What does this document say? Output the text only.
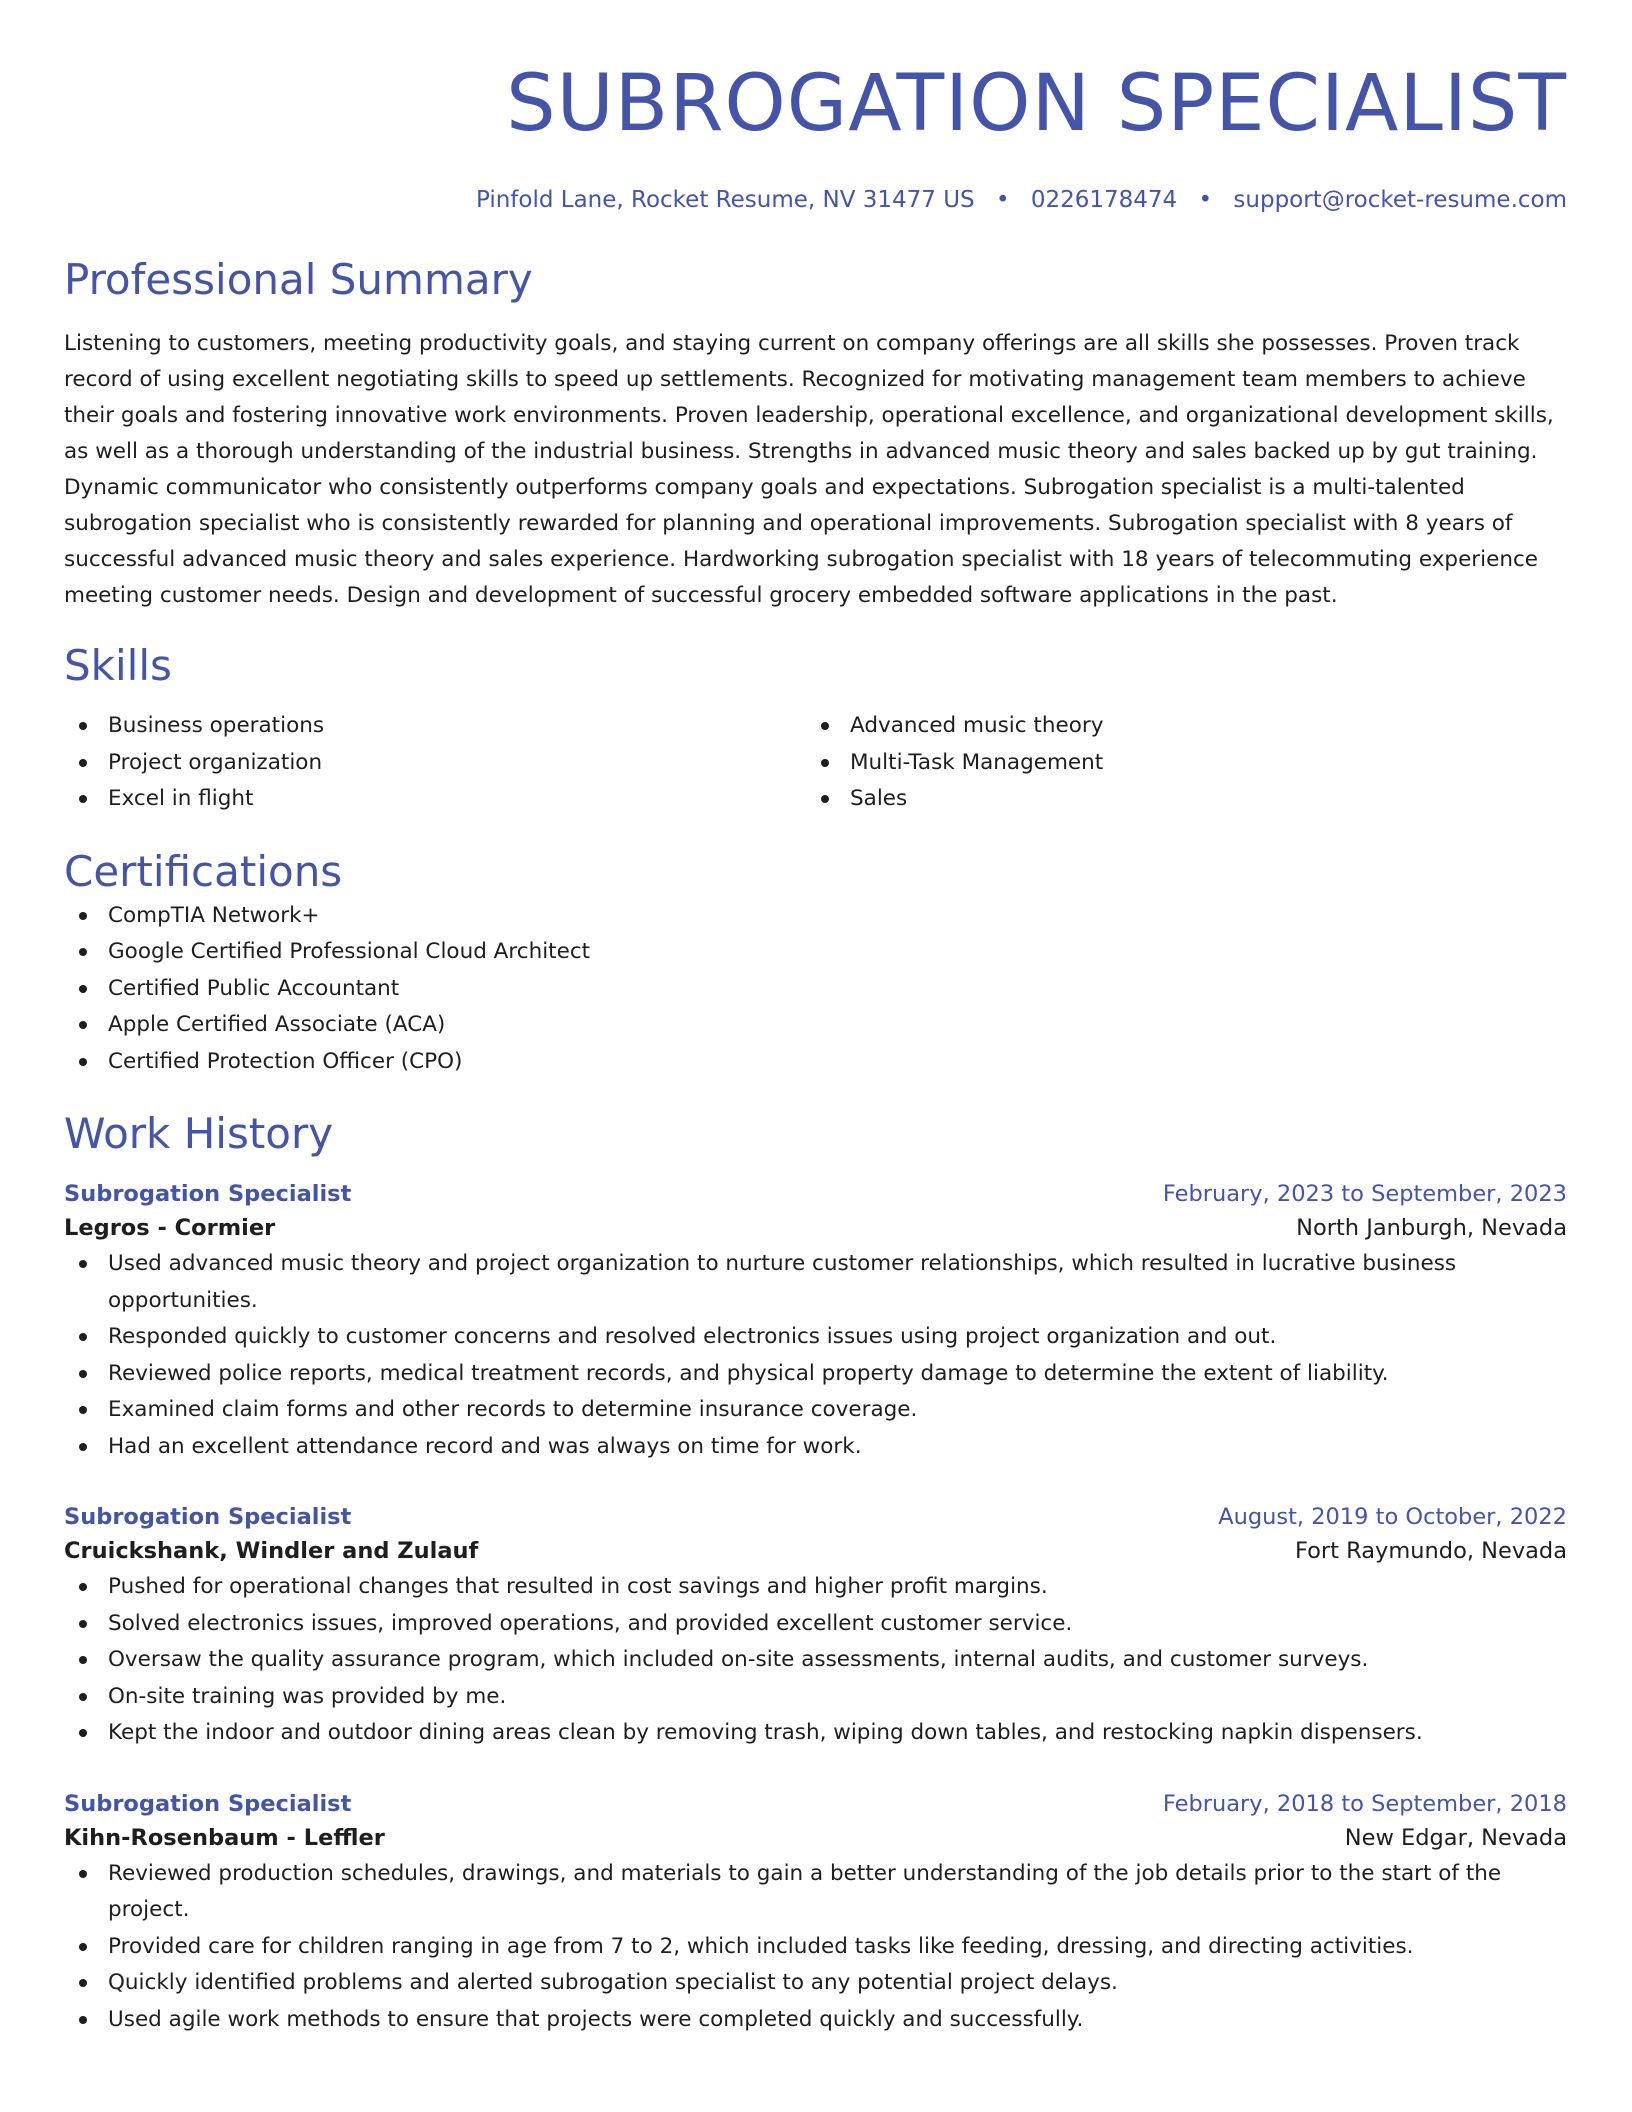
SUBROGATION SPECIALIST
Pinfold Lane, Rocket Resume, NV 31477 US • 0226178474 • support@rocket-resume.com
Professional Summary

Listening to customers, meeting productivity goals, and staying current on company offerings are all skills she possesses. Proven track record of using excellent negotiating skills to speed up settlements. Recognized for motivating management team members to achieve their goals and fostering innovative work environments. Proven leadership, operational excellence, and organizational development skills, as well as a thorough understanding of the industrial business. Strengths in advanced music theory and sales backed up by gut training. Dynamic communicator who consistently outperforms company goals and expectations. Subrogation specialist is a multi-talented subrogation specialist who is consistently rewarded for planning and operational improvements. Subrogation specialist with 8 years of successful advanced music theory and sales experience. Hardworking subrogation specialist with 18 years of telecommuting experience meeting customer needs. Design and development of successful grocery embedded software applications in the past.

Skills
Business operations
Project organization
Excel in flight
Advanced music theory
Multi-Task Management
Sales
Certifications
CompTIA Network+
Google Certified Professional Cloud Architect
Certified Public Accountant
Apple Certified Associate (ACA)
Certified Protection Officer (CPO)
Work History
Subrogation Specialist	February, 2023 to September, 2023
Legros - Cormier	North Janburgh, Nevada
Used advanced music theory and project organization to nurture customer relationships, which resulted in lucrative business opportunities.
Responded quickly to customer concerns and resolved electronics issues using project organization and out.
Reviewed police reports, medical treatment records, and physical property damage to determine the extent of liability.
Examined claim forms and other records to determine insurance coverage.
Had an excellent attendance record and was always on time for work.
Subrogation Specialist	August, 2019 to October, 2022
Cruickshank, Windler and Zulauf	Fort Raymundo, Nevada
Pushed for operational changes that resulted in cost savings and higher profit margins.
Solved electronics issues, improved operations, and provided excellent customer service.
Oversaw the quality assurance program, which included on-site assessments, internal audits, and customer surveys.
On-site training was provided by me.
Kept the indoor and outdoor dining areas clean by removing trash, wiping down tables, and restocking napkin dispensers.
Subrogation Specialist	February, 2018 to September, 2018
Kihn-Rosenbaum - Leffler	New Edgar, Nevada
Reviewed production schedules, drawings, and materials to gain a better understanding of the job details prior to the start of the project.
Provided care for children ranging in age from 7 to 2, which included tasks like feeding, dressing, and directing activities.
Quickly identified problems and alerted subrogation specialist to any potential project delays.
Used agile work methods to ensure that projects were completed quickly and successfully.
